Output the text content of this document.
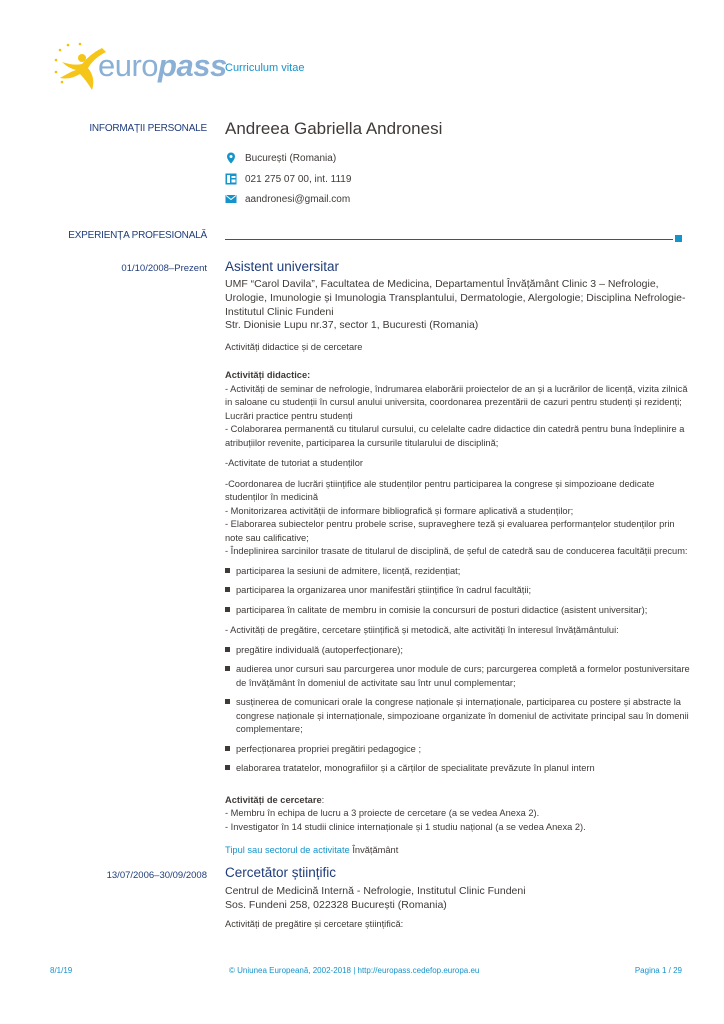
europass
Curriculum vitae
INFORMAȚII PERSONALE Andreea Gabriella Andronesi
București (Romania)
021 275 07 00, int. 1119
aandronesi@gmail.com
EXPERIENȚA PROFESIONALĂ
01/10/2008–Prezent Asistent universitar

UMF “Carol Davila”, Facultatea de Medicina, Departamentul Învățământ Clinic 3 – Nefrologie, Urologie, Imunologie și Imunologia Transplantului, Dermatologie, Alergologie; Disciplina Nefrologie- Institutul Clinic Fundeni

Str. Dionisie Lupu nr.37, sector 1, Bucuresti (Romania)

Activități didactice și de cercetare

Activități didactice:

- Activități de seminar de nefrologie, îndrumarea elaborării proiectelor de an și a lucrărilor de licență, vizita zilnică in saloane cu studenții în cursul anului universita, coordonarea prezentării de cazuri pentru studenți și rezidenți; Lucrări practice pentru studenți

- Colaborarea permanentă cu titularul cursului, cu celelalte cadre didactice din catedră pentru buna îndeplinire a atribuțiilor revenite, participarea la cursurile titularului de disciplină;

-Activitate de tutoriat a studenților

-Coordonarea de lucrări științifice ale studenților pentru participarea la congrese și simpozioane dedicate studenților în medicină

- Monitorizarea activității de informare bibliografică și formare aplicativă a studenților;

- Elaborarea subiectelor pentru probele scrise, supraveghere teză și evaluarea performanțelor studenților prin note sau calificative;

- Îndeplinirea sarcinilor trasate de titularul de disciplină, de șeful de catedră sau de conducerea facultății precum:

participarea la sesiuni de admitere, licență, rezidențiat;

participarea la organizarea unor manifestări științifice în cadrul facultății;

participarea în calitate de membru in comisie la concursuri de posturi didactice (asistent universitar);

- Activități de pregătire, cercetare științifică și metodică, alte activități în interesul învățământului:

pregătire individuală (autoperfecționare);

audierea unor cursuri sau parcurgerea unor module de curs; parcurgerea completă a formelor postuniversitare de învățământ în domeniul de activitate sau într unul complementar;

susținerea de comunicari orale la congrese naționale și internaționale, participarea cu postere și abstracte la congrese naționale și internaționale, simpozioane organizate în domeniul de activitate principal sau în domenii complementare;

perfecționarea propriei pregătiri pedagogice ;

elaborarea tratatelor, monografiilor și a cărților de specialitate prevăzute în planul intern

Activități de cercetare:

- Membru în echipa de lucru a 3 proiecte de cercetare (a se vedea Anexa 2).

- Investigator în 14 studii clinice internaționale și 1 studiu național (a se vedea Anexa 2).

Tipul sau sectorul de activitate Învățământ

13/07/2006–30/09/2008 Cercetător științific

Centrul de Medicină Internă - Nefrologie, Institutul Clinic Fundeni

Sos. Fundeni 258, 022328 București (Romania)

Activități de pregătire și cercetare științifică:
8/1/19	© Uniunea Europeană, 2002-2018 | http://europass.cedefop.europa.eu	Pagina 1 / 29
